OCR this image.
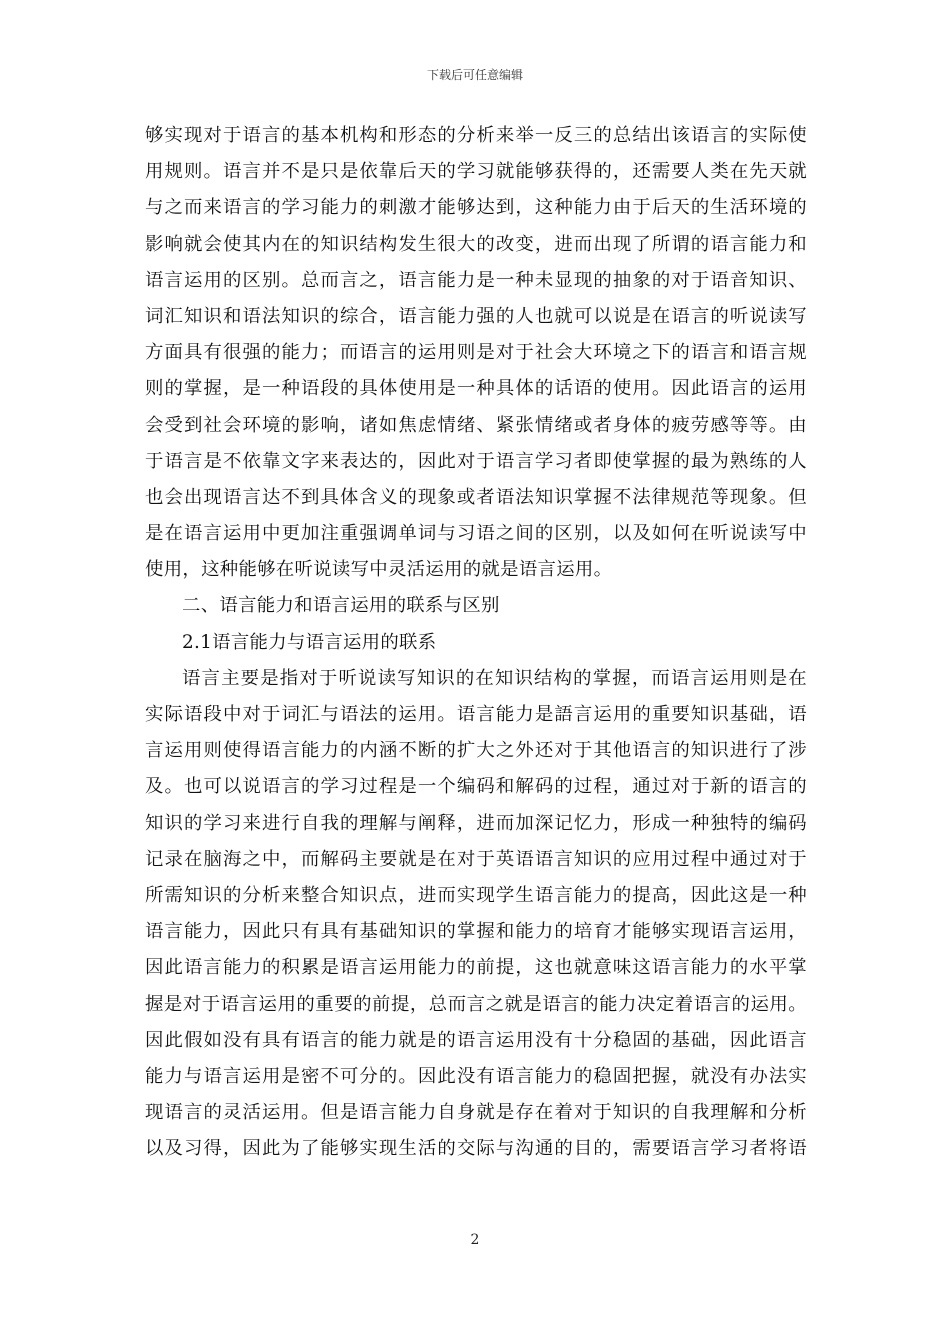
下载后可任意编辑
够实现对于语言的基本机构和形态的分析来举一反三的总结出该语言的实际使
用规则。语言并不是只是依靠后天的学习就能够获得的，还需要人类在先天就
与之而来语言的学习能力的刺激才能够达到，这种能力由于后天的生活环境的
影响就会使其内在的知识结构发生很大的改变，进而出现了所谓的语言能力和
语言运用的区别。总而言之，语言能力是一种未显现的抽象的对于语音知识、
词汇知识和语法知识的综合，语言能力强的人也就可以说是在语言的听说读写
方面具有很强的能力；而语言的运用则是对于社会大环境之下的语言和语言规
则的掌握，是一种语段的具体使用是一种具体的话语的使用。因此语言的运用
会受到社会环境的影响，诸如焦虑情绪、紧张情绪或者身体的疲劳感等等。由
于语言是不依靠文字来表达的，因此对于语言学习者即使掌握的最为熟练的人
也会出现语言达不到具体含义的现象或者语法知识掌握不法律规范等现象。但
是在语言运用中更加注重强调单词与习语之间的区别，以及如何在听说读写中
使用，这种能够在听说读写中灵活运用的就是语言运用。
二、语言能力和语言运用的联系与区别
2.1语言能力与语言运用的联系
语言主要是指对于听说读写知识的在知识结构的掌握，而语言运用则是在
实际语段中对于词汇与语法的运用。语言能力是語言运用的重要知识基础，语
言运用则使得语言能力的内涵不断的扩大之外还对于其他语言的知识进行了涉
及。也可以说语言的学习过程是一个编码和解码的过程，通过对于新的语言的
知识的学习来进行自我的理解与阐释，进而加深记忆力，形成一种独特的编码
记录在脑海之中，而解码主要就是在对于英语语言知识的应用过程中通过对于
所需知识的分析来整合知识点，进而实现学生语言能力的提高，因此这是一种
语言能力，因此只有具有基础知识的掌握和能力的培育才能够实现语言运用，
因此语言能力的积累是语言运用能力的前提，这也就意味这语言能力的水平掌
握是对于语言运用的重要的前提，总而言之就是语言的能力决定着语言的运用。
因此假如没有具有语言的能力就是的语言运用没有十分稳固的基础，因此语言
能力与语言运用是密不可分的。因此没有语言能力的稳固把握，就没有办法实
现语言的灵活运用。但是语言能力自身就是存在着对于知识的自我理解和分析
以及习得，因此为了能够实现生活的交际与沟通的目的，需要语言学习者将语
2
